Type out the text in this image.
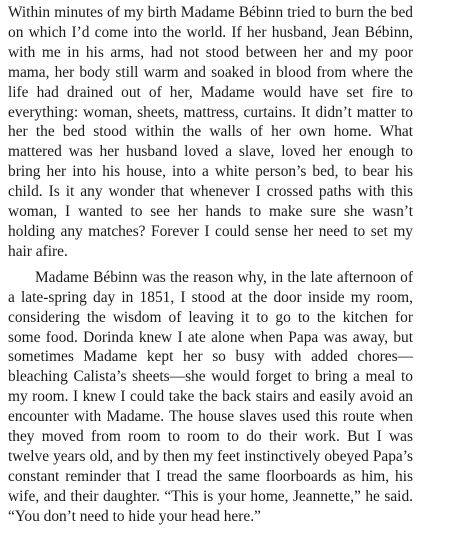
Within minutes of my birth Madame Bébinn tried to burn the bed on which I’d come into the world. If her husband, Jean Bébinn, with me in his arms, had not stood between her and my poor mama, her body still warm and soaked in blood from where the life had drained out of her, Madame would have set fire to everything: woman, sheets, mattress, curtains. It didn’t matter to her the bed stood within the walls of her own home. What mattered was her husband loved a slave, loved her enough to bring her into his house, into a white person’s bed, to bear his child. Is it any wonder that whenever I crossed paths with this woman, I wanted to see her hands to make sure she wasn’t holding any matches? Forever I could sense her need to set my hair afire.

Madame Bébinn was the reason why, in the late afternoon of a late-spring day in 1851, I stood at the door inside my room, considering the wisdom of leaving it to go to the kitchen for some food. Dorinda knew I ate alone when Papa was away, but sometimes Madame kept her so busy with added chores—bleaching Calista’s sheets—she would forget to bring a meal to my room. I knew I could take the back stairs and easily avoid an encounter with Madame. The house slaves used this route when they moved from room to room to do their work. But I was twelve years old, and by then my feet instinctively obeyed Papa’s constant reminder that I tread the same floorboards as him, his wife, and their daughter. “This is your home, Jeannette,” he said. “You don’t need to hide your head here.”
